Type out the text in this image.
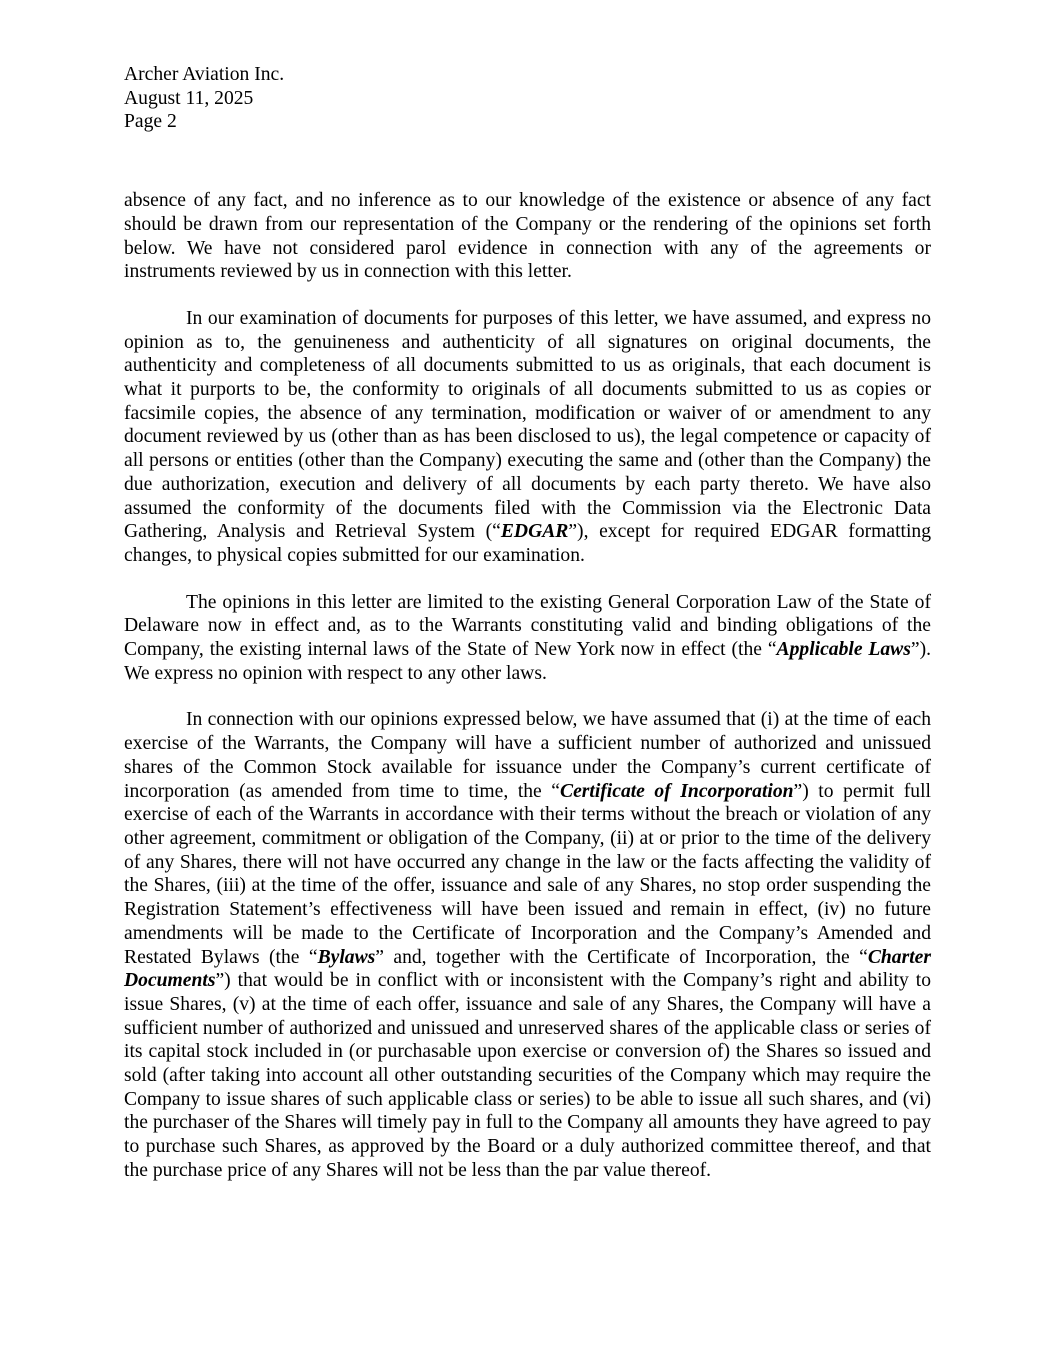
Archer Aviation Inc.

August 11, 2025

Page 2

absence of any fact, and no inference as to our knowledge of the existence or absence of any fact should be drawn from our representation of the Company or the rendering of the opinions set forth below. We have not considered parol evidence in connection with any of the agreements or instruments reviewed by us in connection with this letter.

In our examination of documents for purposes of this letter, we have assumed, and express no opinion as to, the genuineness and authenticity of all signatures on original documents, the authenticity and completeness of all documents submitted to us as originals, that each document is what it purports to be, the conformity to originals of all documents submitted to us as copies or facsimile copies, the absence of any termination, modification or waiver of or amendment to any document reviewed by us (other than as has been disclosed to us), the legal competence or capacity of all persons or entities (other than the Company) executing the same and (other than the Company) the due authorization, execution and delivery of all documents by each party thereto. We have also assumed the conformity of the documents filed with the Commission via the Electronic Data Gathering, Analysis and Retrieval System (“EDGAR”), except for required EDGAR formatting changes, to physical copies submitted for our examination.

The opinions in this letter are limited to the existing General Corporation Law of the State of Delaware now in effect and, as to the Warrants constituting valid and binding obligations of the Company, the existing internal laws of the State of New York now in effect (the “Applicable Laws”). We express no opinion with respect to any other laws.

In connection with our opinions expressed below, we have assumed that (i) at the time of each exercise of the Warrants, the Company will have a sufficient number of authorized and unissued shares of the Common Stock available for issuance under the Company’s current certificate of incorporation (as amended from time to time, the “Certificate of Incorporation”) to permit full exercise of each of the Warrants in accordance with their terms without the breach or violation of any other agreement, commitment or obligation of the Company, (ii) at or prior to the time of the delivery of any Shares, there will not have occurred any change in the law or the facts affecting the validity of the Shares, (iii) at the time of the offer, issuance and sale of any Shares, no stop order suspending the Registration Statement’s effectiveness will have been issued and remain in effect, (iv) no future amendments will be made to the Certificate of Incorporation and the Company’s Amended and Restated Bylaws (the “Bylaws” and, together with the Certificate of Incorporation, the “Charter Documents”) that would be in conflict with or inconsistent with the Company’s right and ability to issue Shares, (v) at the time of each offer, issuance and sale of any Shares, the Company will have a sufficient number of authorized and unissued and unreserved shares of the applicable class or series of its capital stock included in (or purchasable upon exercise or conversion of) the Shares so issued and sold (after taking into account all other outstanding securities of the Company which may require the Company to issue shares of such applicable class or series) to be able to issue all such shares, and (vi) the purchaser of the Shares will timely pay in full to the Company all amounts they have agreed to pay to purchase such Shares, as approved by the Board or a duly authorized committee thereof, and that the purchase price of any Shares will not be less than the par value thereof.
